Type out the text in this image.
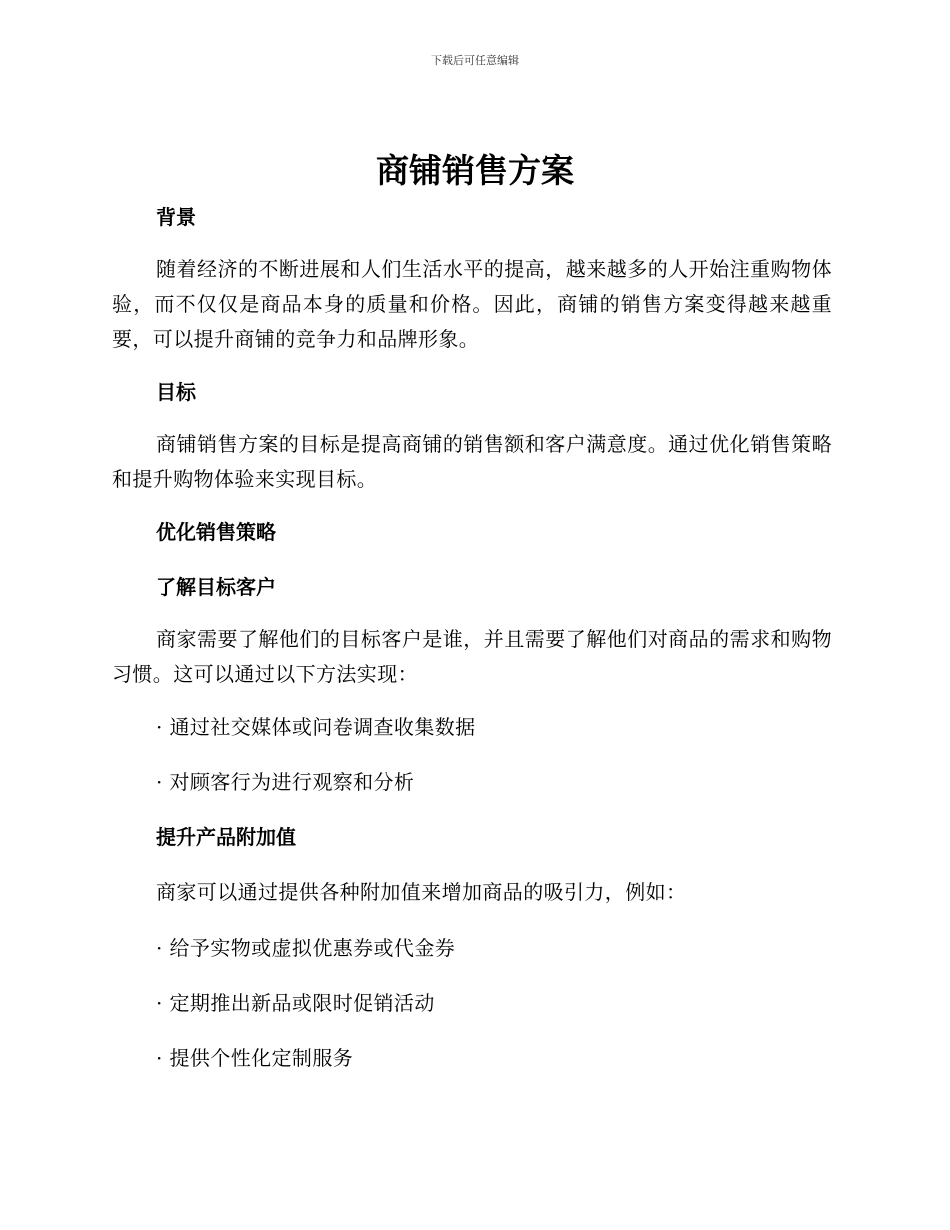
下载后可任意编辑
商铺销售方案
背景

随着经济的不断进展和人们生活水平的提高，越来越多的人开始注重购物体验，而不仅仅是商品本身的质量和价格。因此，商铺的销售方案变得越来越重要，可以提升商铺的竞争力和品牌形象。

目标

商铺销售方案的目标是提高商铺的销售额和客户满意度。通过优化销售策略和提升购物体验来实现目标。

优化销售策略
了解目标客户

商家需要了解他们的目标客户是谁，并且需要了解他们对商品的需求和购物习惯。这可以通过以下方法实现：

· 通过社交媒体或问卷调查收集数据
· 对顾客行为进行观察和分析
提升产品附加值

商家可以通过提供各种附加值来增加商品的吸引力，例如：

· 给予实物或虚拟优惠券或代金券
· 定期推出新品或限时促销活动
· 提供个性化定制服务
